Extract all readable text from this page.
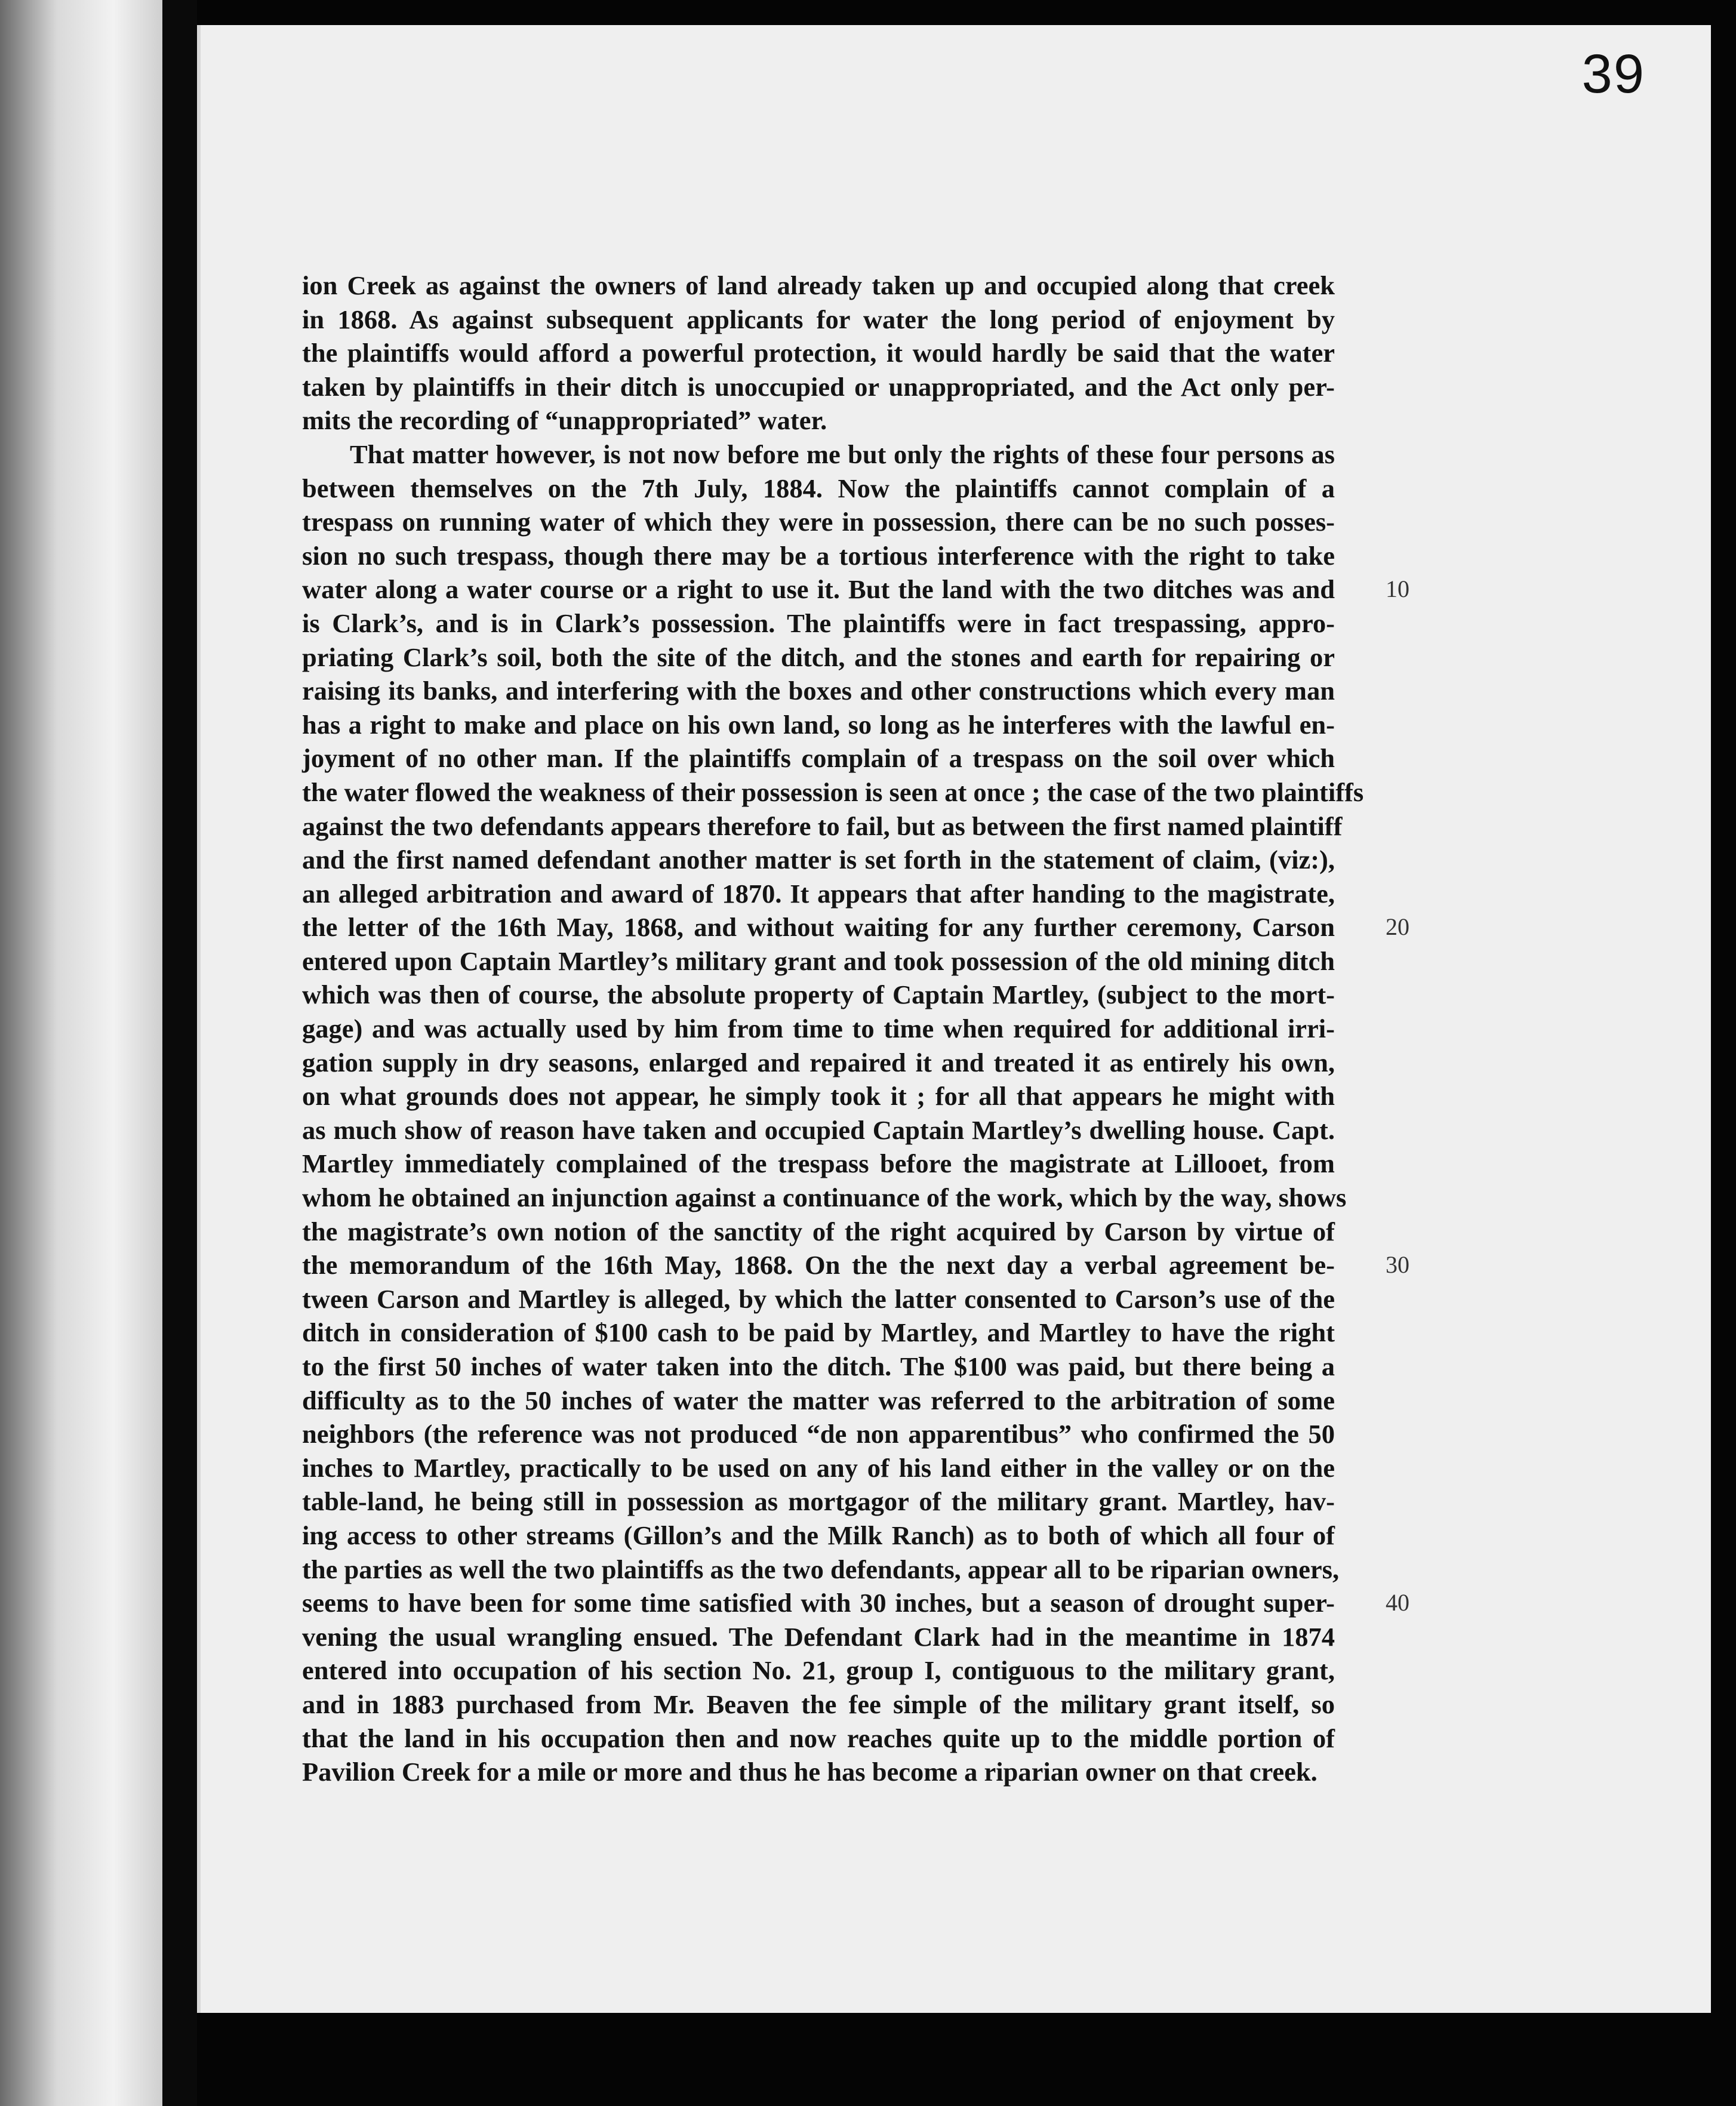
39
ion Creek as against the owners of land already taken up and occupied along that creek
in 1868. As against subsequent applicants for water the long period of enjoyment by
the plaintiffs would afford a powerful protection, it would hardly be said that the water
taken by plaintiffs in their ditch is unoccupied or unappropriated, and the Act only per-
mits the recording of “unappropriated” water.
That matter however, is not now before me but only the rights of these four persons as
between themselves on the 7th July, 1884. Now the plaintiffs cannot complain of a
trespass on running water of which they were in possession, there can be no such posses-
sion no such trespass, though there may be a tortious interference with the right to take
water along a water course or a right to use it. But the land with the two ditches was and
is Clark’s, and is in Clark’s possession. The plaintiffs were in fact trespassing, appro-
priating Clark’s soil, both the site of the ditch, and the stones and earth for repairing or
raising its banks, and interfering with the boxes and other constructions which every man
has a right to make and place on his own land, so long as he interferes with the lawful en-
joyment of no other man. If the plaintiffs complain of a trespass on the soil over which
the water flowed the weakness of their possession is seen at once ; the case of the two plaintiffs
against the two defendants appears therefore to fail, but as between the first named plaintiff
and the first named defendant another matter is set forth in the statement of claim, (viz:),
an alleged arbitration and award of 1870. It appears that after handing to the magistrate,
the letter of the 16th May, 1868, and without waiting for any further ceremony, Carson
entered upon Captain Martley’s military grant and took possession of the old mining ditch
which was then of course, the absolute property of Captain Martley, (subject to the mort-
gage) and was actually used by him from time to time when required for additional irri-
gation supply in dry seasons, enlarged and repaired it and treated it as entirely his own,
on what grounds does not appear, he simply took it ; for all that appears he might with
as much show of reason have taken and occupied Captain Martley’s dwelling house. Capt.
Martley immediately complained of the trespass before the magistrate at Lillooet, from
whom he obtained an injunction against a continuance of the work, which by the way, shows
the magistrate’s own notion of the sanctity of the right acquired by Carson by virtue of
the memorandum of the 16th May, 1868. On the the next day a verbal agreement be-
tween Carson and Martley is alleged, by which the latter consented to Carson’s use of the
ditch in consideration of $100 cash to be paid by Martley, and Martley to have the right
to the first 50 inches of water taken into the ditch. The $100 was paid, but there being a
difficulty as to the 50 inches of water the matter was referred to the arbitration of some
neighbors (the reference was not produced “de non apparentibus” who confirmed the 50
inches to Martley, practically to be used on any of his land either in the valley or on the
table-land, he being still in possession as mortgagor of the military grant. Martley, hav-
ing access to other streams (Gillon’s and the Milk Ranch) as to both of which all four of
the parties as well the two plaintiffs as the two defendants, appear all to be riparian owners,
seems to have been for some time satisfied with 30 inches, but a season of drought super-
vening the usual wrangling ensued. The Defendant Clark had in the meantime in 1874
entered into occupation of his section No. 21, group I, contiguous to the military grant,
and in 1883 purchased from Mr. Beaven the fee simple of the military grant itself, so
that the land in his occupation then and now reaches quite up to the middle portion of
Pavilion Creek for a mile or more and thus he has become a riparian owner on that creek.
10
20
30
40
